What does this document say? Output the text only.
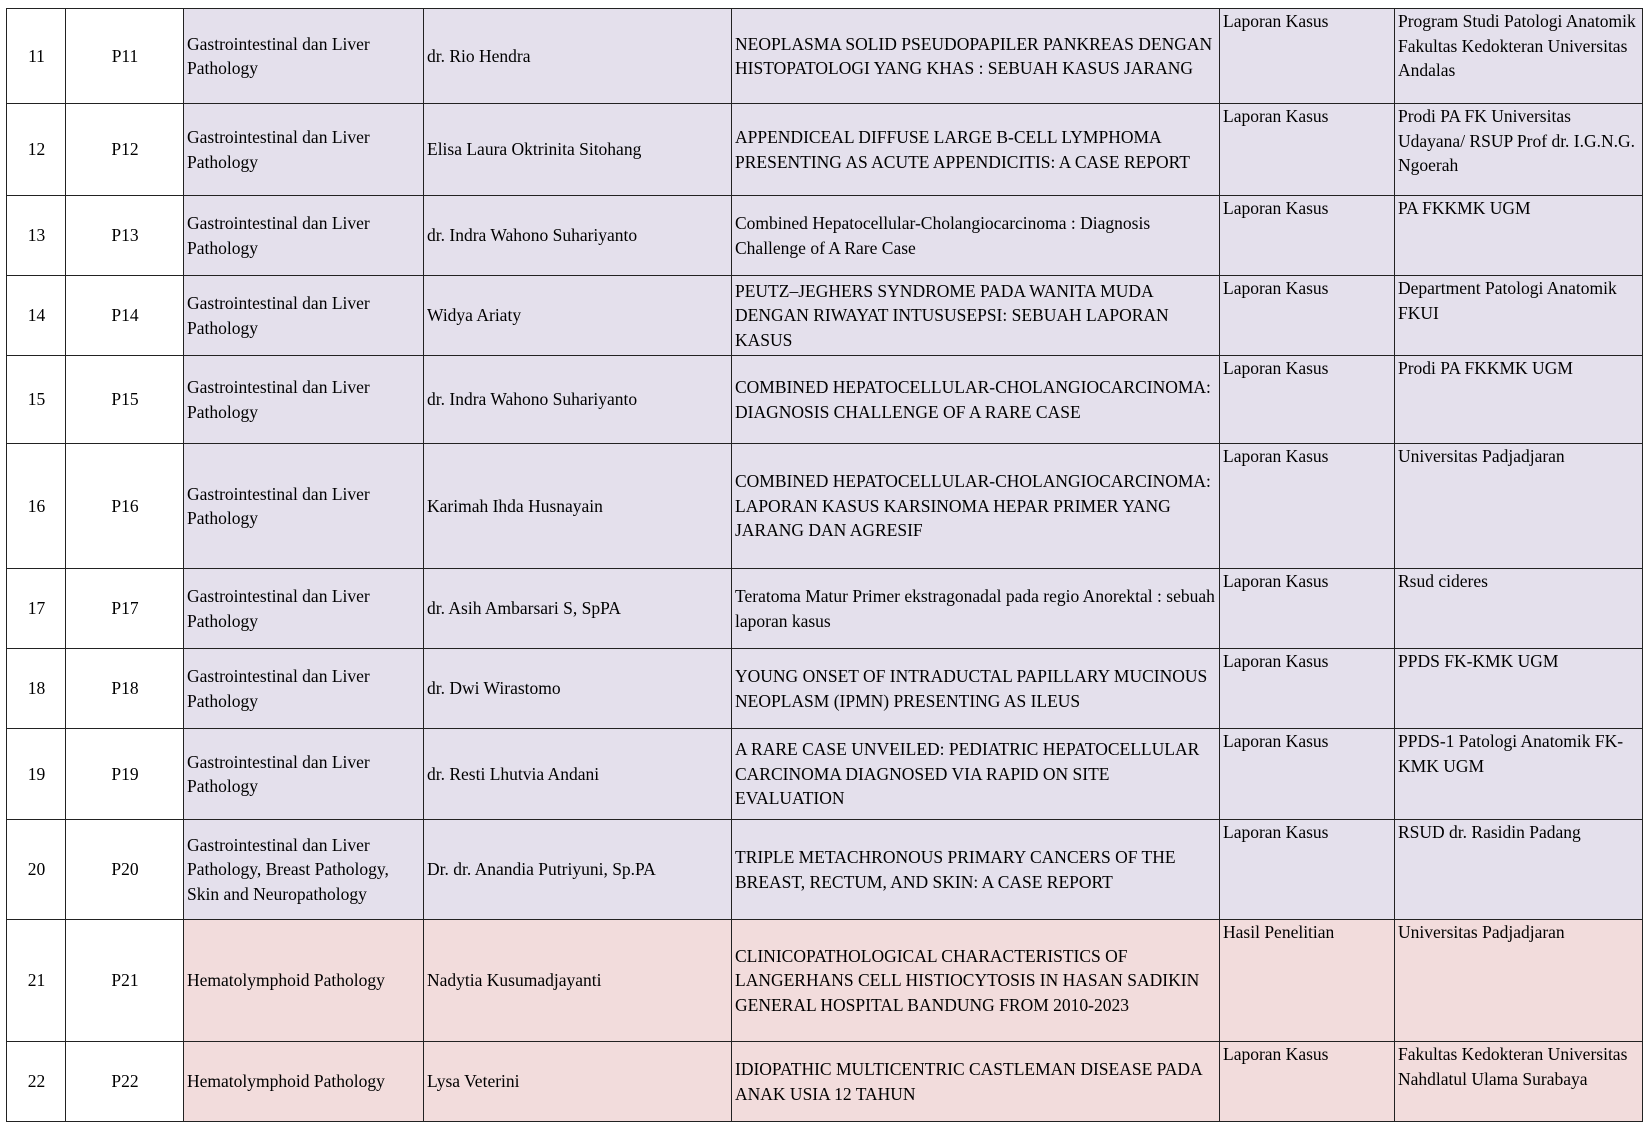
11	P11	Gastrointestinal dan Liver Pathology	dr. Rio Hendra	NEOPLASMA SOLID PSEUDOPAPILER PANKREAS DENGAN HISTOPATOLOGI YANG KHAS : SEBUAH KASUS JARANG	Laporan Kasus	Program Studi Patologi Anatomik Fakultas Kedokteran Universitas Andalas
12	P12	Gastrointestinal dan Liver Pathology	Elisa Laura Oktrinita Sitohang	APPENDICEAL DIFFUSE LARGE B-CELL LYMPHOMA PRESENTING AS ACUTE APPENDICITIS: A CASE REPORT	Laporan Kasus	Prodi PA FK Universitas Udayana/ RSUP Prof dr. I.G.N.G. Ngoerah
13	P13	Gastrointestinal dan Liver Pathology	dr. Indra Wahono Suhariyanto	Combined Hepatocellular-Cholangiocarcinoma : Diagnosis Challenge of A Rare Case	Laporan Kasus	PA FKKMK UGM
14	P14	Gastrointestinal dan Liver Pathology	Widya Ariaty	PEUTZ–JEGHERS SYNDROME PADA WANITA MUDA DENGAN RIWAYAT INTUSUSEPSI: SEBUAH LAPORAN KASUS	Laporan Kasus	Department Patologi Anatomik FKUI
15	P15	Gastrointestinal dan Liver Pathology	dr. Indra Wahono Suhariyanto	COMBINED HEPATOCELLULAR-CHOLANGIOCARCINOMA: DIAGNOSIS CHALLENGE OF A RARE CASE	Laporan Kasus	Prodi PA FKKMK UGM
16	P16	Gastrointestinal dan Liver Pathology	Karimah Ihda Husnayain	COMBINED HEPATOCELLULAR-CHOLANGIOCARCINOMA: LAPORAN KASUS KARSINOMA HEPAR PRIMER YANG JARANG DAN AGRESIF	Laporan Kasus	Universitas Padjadjaran
17	P17	Gastrointestinal dan Liver Pathology	dr. Asih Ambarsari S, SpPA	Teratoma Matur Primer ekstragonadal pada regio Anorektal : sebuah laporan kasus	Laporan Kasus	Rsud cideres
18	P18	Gastrointestinal dan Liver Pathology	dr. Dwi Wirastomo	YOUNG ONSET OF INTRADUCTAL PAPILLARY MUCINOUS NEOPLASM (IPMN) PRESENTING AS ILEUS	Laporan Kasus	PPDS FK-KMK UGM
19	P19	Gastrointestinal dan Liver Pathology	dr. Resti Lhutvia Andani	A RARE CASE UNVEILED: PEDIATRIC HEPATOCELLULAR CARCINOMA DIAGNOSED VIA RAPID ON SITE EVALUATION	Laporan Kasus	PPDS-1 Patologi Anatomik FK-KMK UGM
20	P20	Gastrointestinal dan Liver Pathology, Breast Pathology, Skin and Neuropathology	Dr. dr. Anandia Putriyuni, Sp.PA	TRIPLE METACHRONOUS PRIMARY CANCERS OF THE BREAST, RECTUM, AND SKIN: A CASE REPORT	Laporan Kasus	RSUD dr. Rasidin Padang
21	P21	Hematolymphoid Pathology	Nadytia Kusumadjayanti	CLINICOPATHOLOGICAL CHARACTERISTICS OF LANGERHANS CELL HISTIOCYTOSIS IN HASAN SADIKIN GENERAL HOSPITAL BANDUNG FROM 2010-2023	Hasil Penelitian	Universitas Padjadjaran
22	P22	Hematolymphoid Pathology	Lysa Veterini	IDIOPATHIC MULTICENTRIC CASTLEMAN DISEASE PADA ANAK USIA 12 TAHUN	Laporan Kasus	Fakultas Kedokteran Universitas Nahdlatul Ulama Surabaya
